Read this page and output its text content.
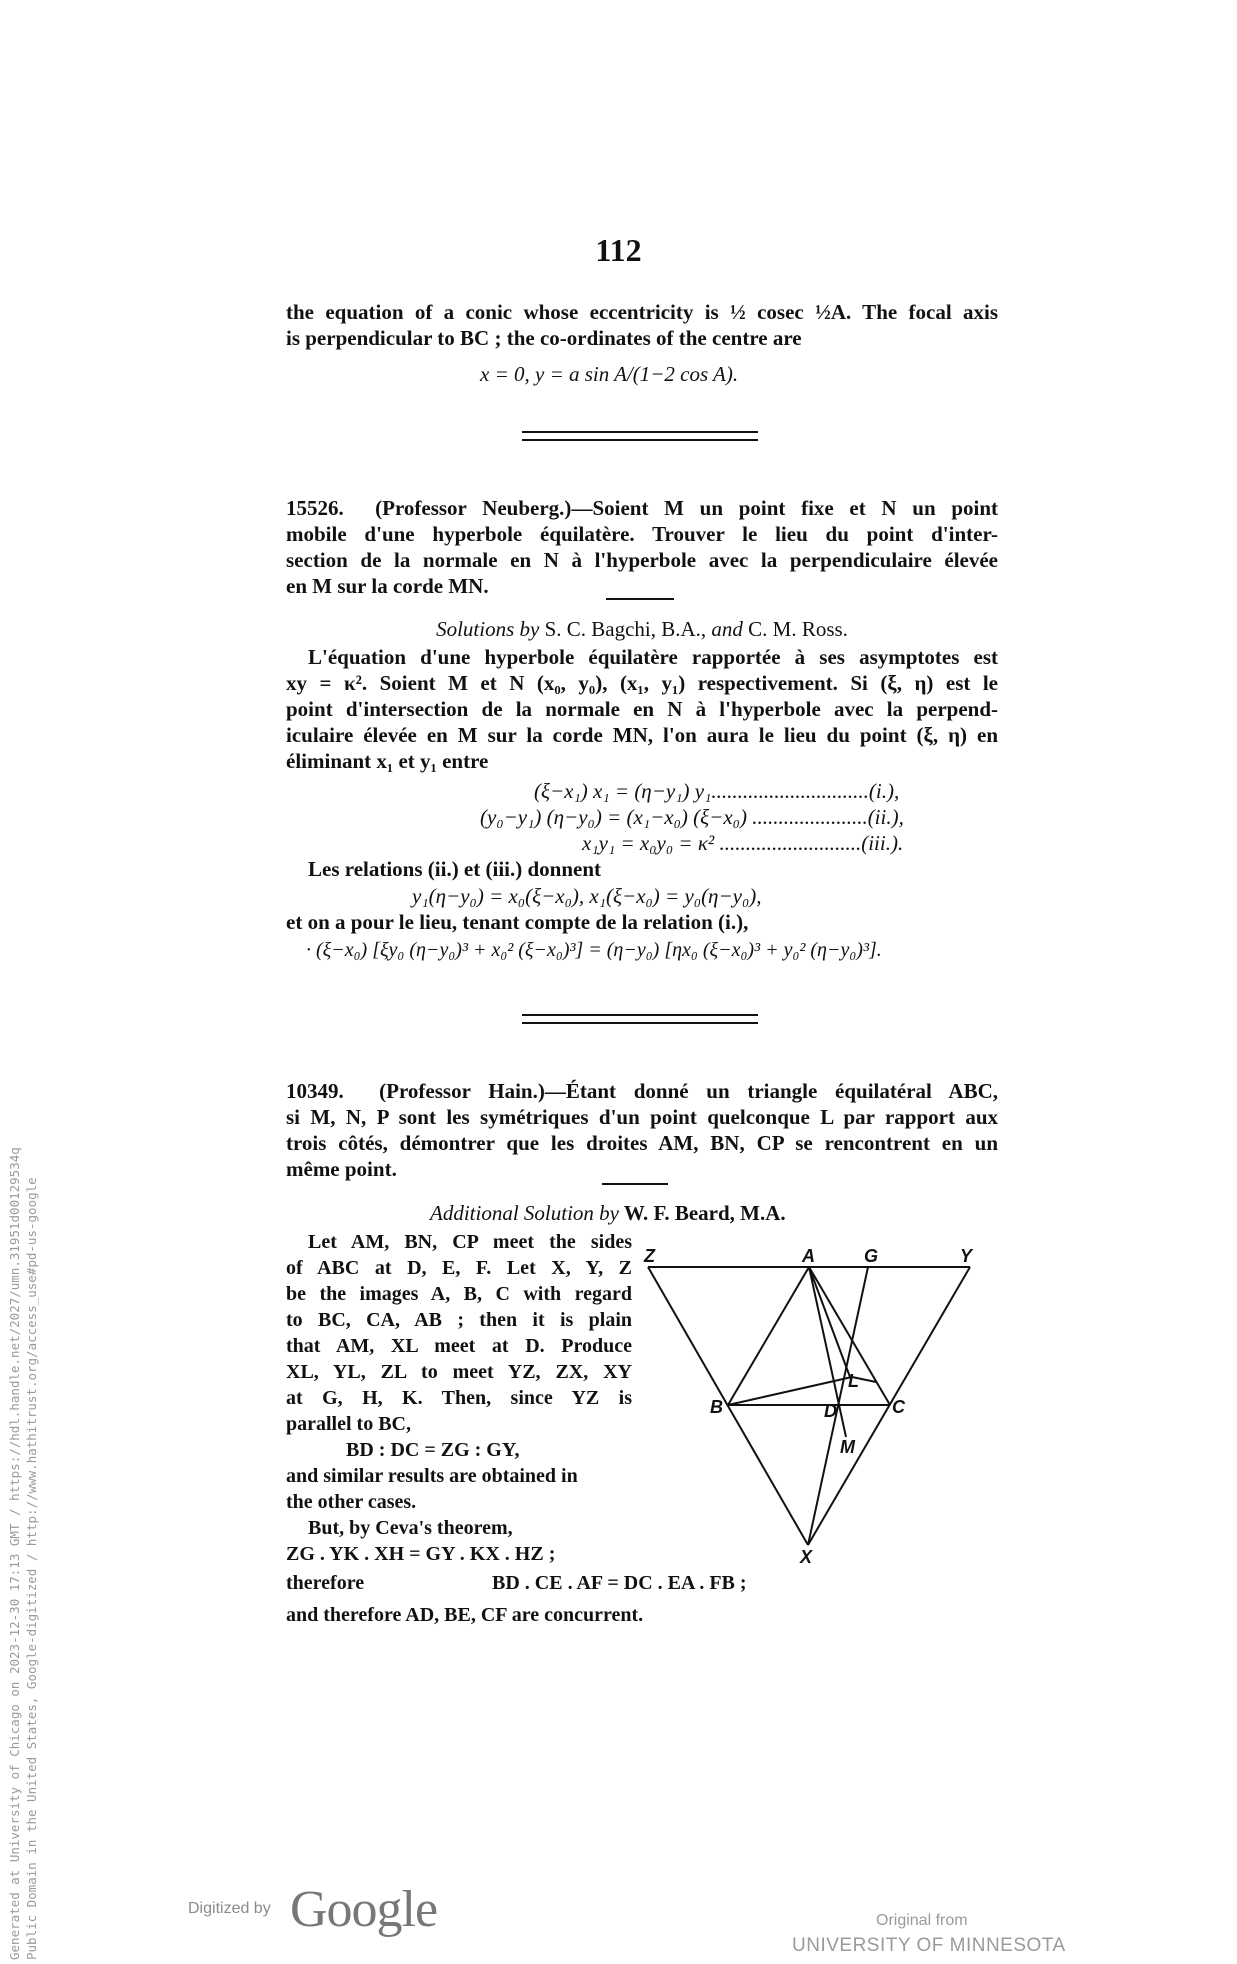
112
the equation of a conic whose eccentricity is ½ cosec ½A. The focal axis
is perpendicular to BC ; the co-ordinates of the centre are
x = 0, y = a sin A/(1−2 cos A).
15526. (Professor Neuberg.)—Soient M un point fixe et N un point
mobile d'une hyperbole équilatère. Trouver le lieu du point d'inter-
section de la normale en N à l'hyperbole avec la perpendiculaire élevée
en M sur la corde MN.
Solutions by S. C. Bagchi, B.A., and C. M. Ross.
L'équation d'une hyperbole équilatère rapportée à ses asymptotes est
xy = κ². Soient M et N (x₀, y₀), (x₁, y₁) respectivement. Si (ξ, η) est le
point d'intersection de la normale en N à l'hyperbole avec la perpend-
iculaire élevée en M sur la corde MN, l'on aura le lieu du point (ξ, η) en
éliminant x₁ et y₁ entre
(ξ−x₁) x₁ = (η−y₁) y₁..............................(i.),
(y₀−y₁) (η−y₀) = (x₁−x₀) (ξ−x₀) ......................(ii.),
x₁y₁ = x₀y₀ = κ² ...........................(iii.).
Les relations (ii.) et (iii.) donnent
y₁(η−y₀) = x₀(ξ−x₀), x₁(ξ−x₀) = y₀(η−y₀),
et on a pour le lieu, tenant compte de la relation (i.),
· (ξ−x₀) [ξy₀ (η−y₀)³ + x₀² (ξ−x₀)³] = (η−y₀) [ηx₀ (ξ−x₀)³ + y₀² (η−y₀)³].
10349. (Professor Hain.)—Étant donné un triangle équilatéral ABC,
si M, N, P sont les symétriques d'un point quelconque L par rapport aux
trois côtés, démontrer que les droites AM, BN, CP se rencontrent en un
même point.
Additional Solution by W. F. Beard, M.A.
Let AM, BN, CP meet the sides
of ABC at D, E, F. Let X, Y, Z
be the images A, B, C with regard
to BC, CA, AB ; then it is plain
that AM, XL meet at D. Produce
XL, YL, ZL to meet YZ, ZX, XY
at G, H, K. Then, since YZ is
parallel to BC,
BD : DC = ZG : GY,
and similar results are obtained in
the other cases.
But, by Ceva's theorem,
ZG . YK . XH = GY . KX . HZ ;
therefore	BD . CE . AF = DC . EA . FB ;
and therefore AD, BE, CF are concurrent.
Z	A	G	Y
L
B	D	C
M
X
Generated at University of Chicago on 2023-12-30 17:13 GMT / https://hdl.handle.net/2027/umn.31951d00129534q Public Domain in the United States, Google-digitized / http://www.hathitrust.org/access_use#pd-us-google	Digitized by Google	Original from
UNIVERSITY OF MINNESOTA
